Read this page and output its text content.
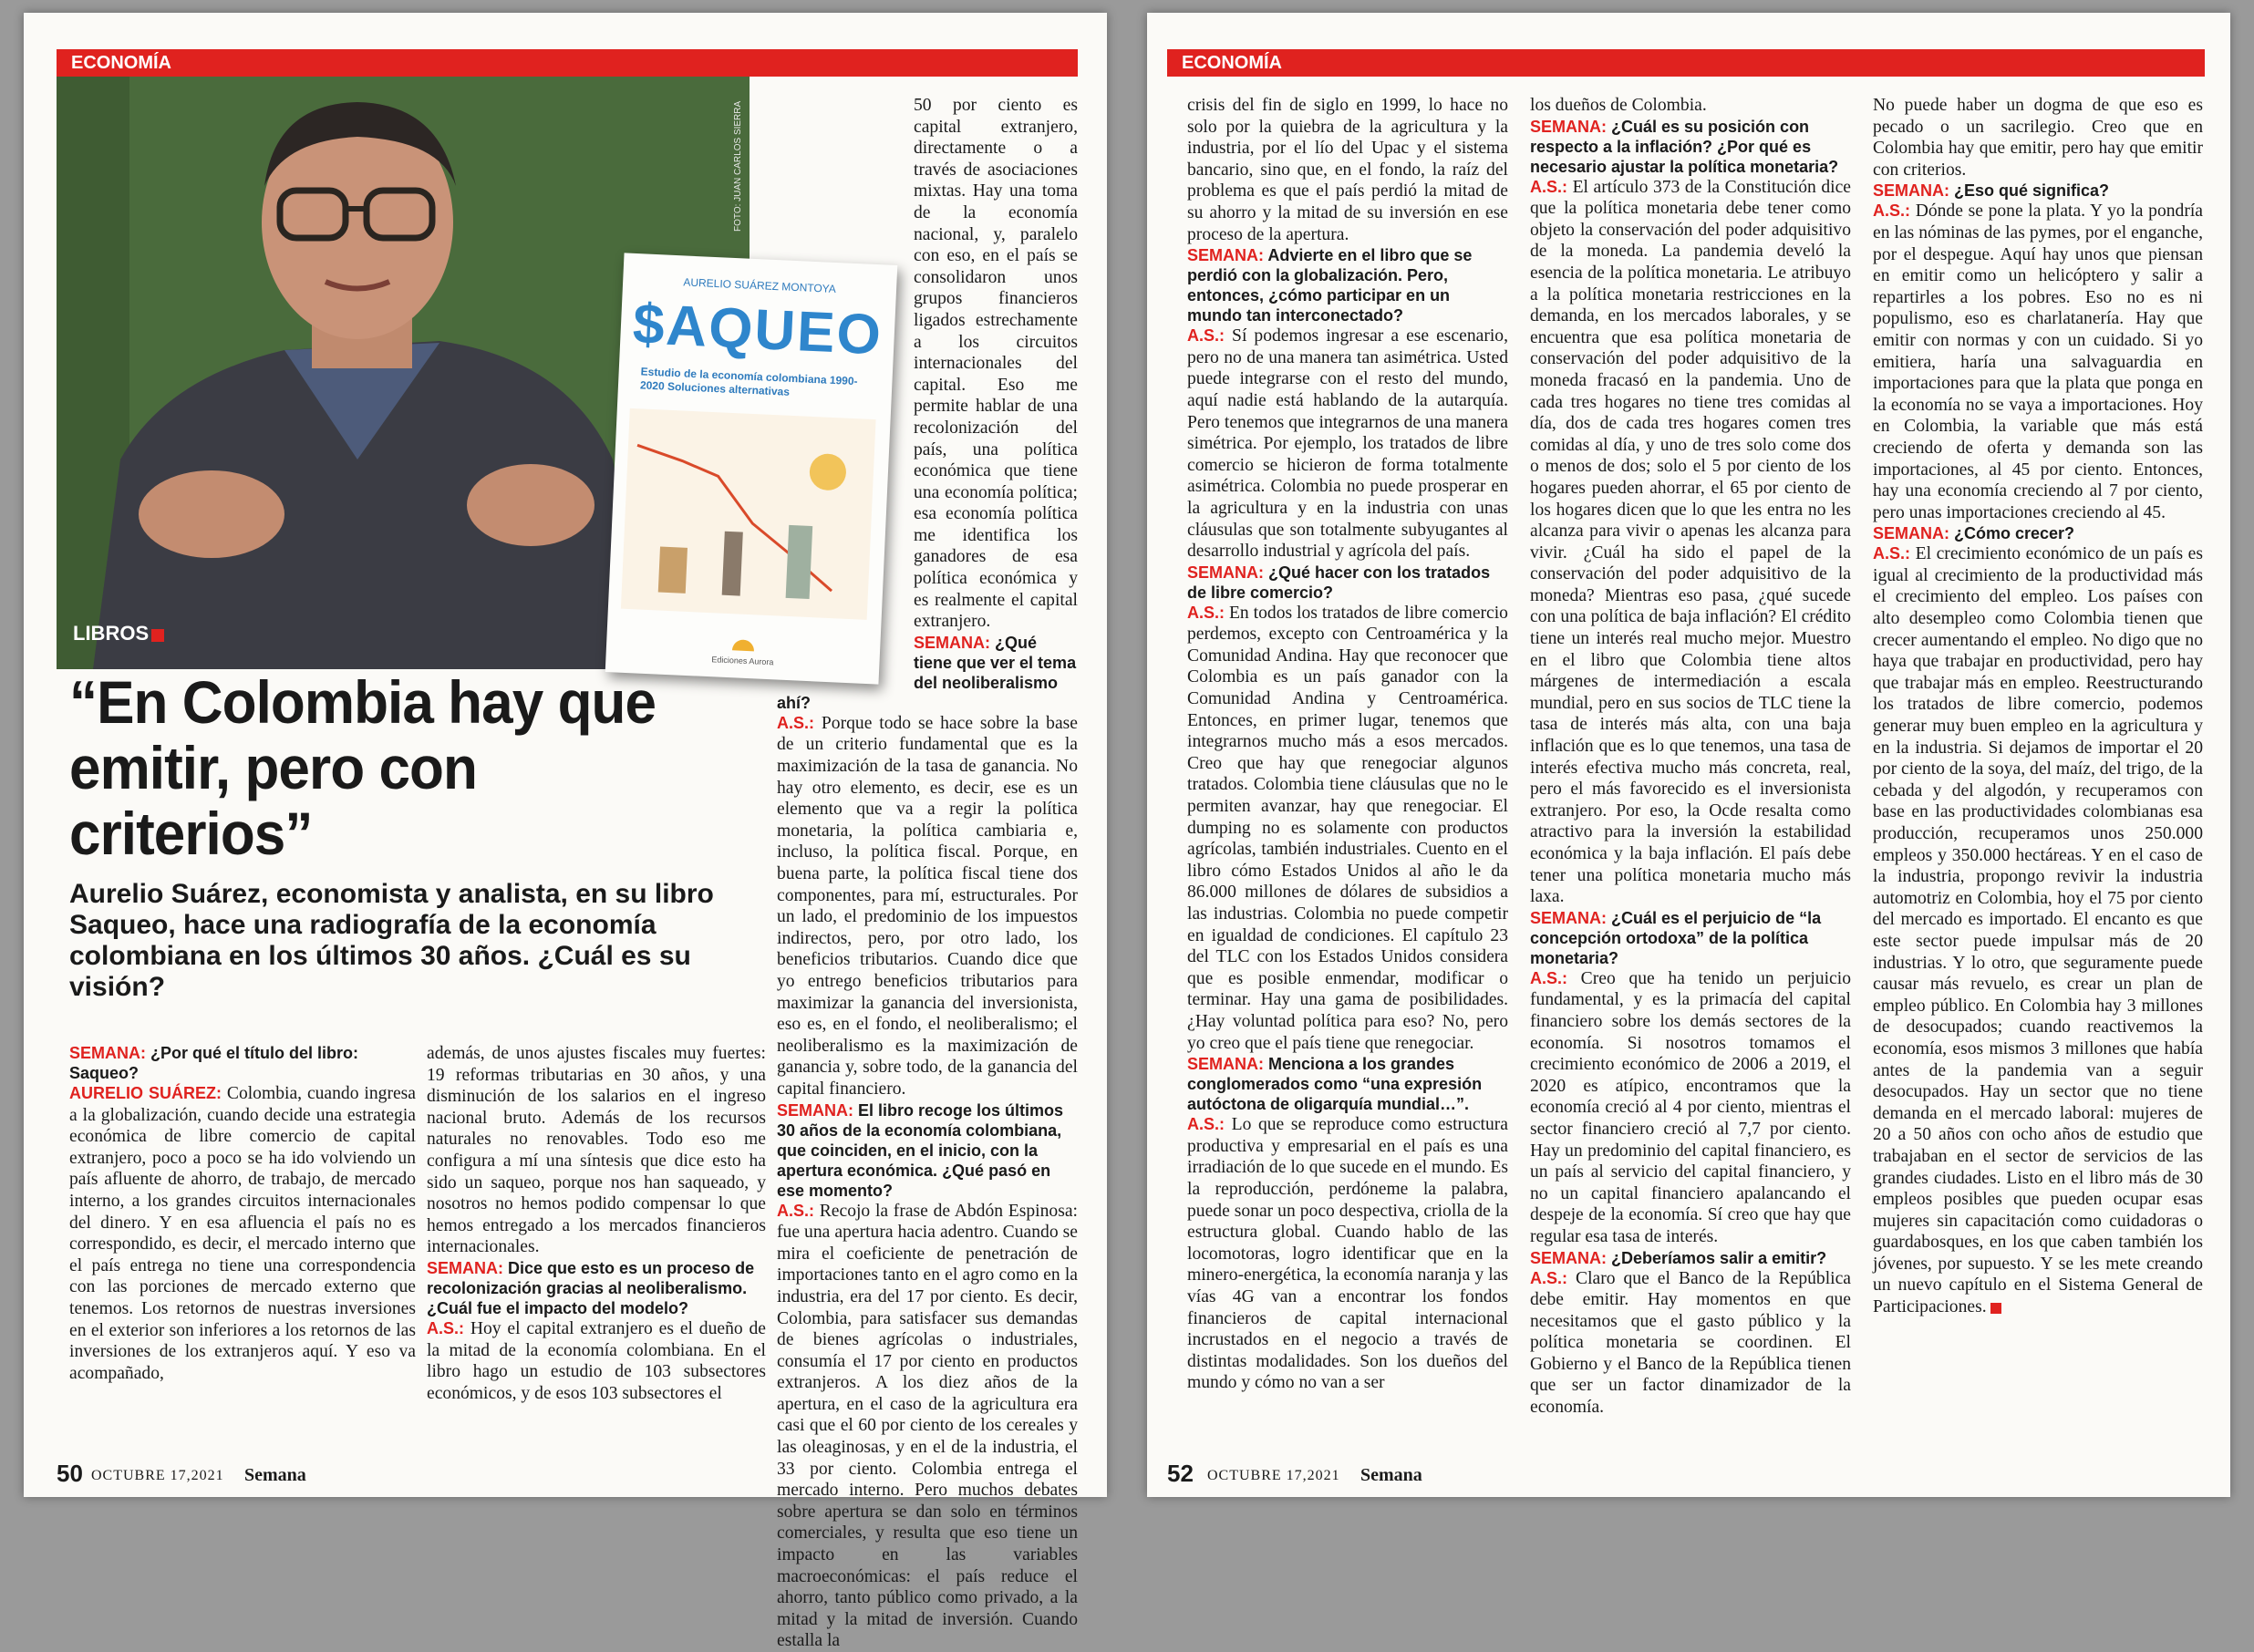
ECONOMÍA
FOTO: JUAN CARLOS SIERRA
LIBROS
AURELIO SUÁREZ MONTOYA
$AQUEO
Estudio de la economía colombiana 1990-2020 Soluciones alternativas
Ediciones Aurora
“En Colombia hay que emitir, pero con criterios”

Aurelio Suárez, economista y analista, en su libro Saqueo, hace una radiografía de la economía colombiana en los últimos 30 años. ¿Cuál es su visión?

SEMANA: ¿Por qué el título del libro: Saqueo?

AURELIO SUÁREZ: Colombia, cuando ingresa a la globalización, cuando decide una estrategia económica de libre comercio de capital extranjero, poco a poco se ha ido volviendo un país afluente de ahorro, de trabajo, de mercado interno, a los grandes circuitos internacionales del dinero. Y en esa afluencia el país no es correspondido, es decir, el mercado interno que el país entrega no tiene una correspondencia con las porciones de mercado externo que tenemos. Los retornos de nuestras inversiones en el exterior son inferiores a los retornos de las inversiones de los extranjeros aquí. Y eso va acompañado,

además, de unos ajustes fiscales muy fuertes: 19 reformas tributarias en 30 años, y una disminución de los salarios en el ingreso nacional bruto. Además de los recursos naturales no renovables. Todo eso me configura a mí una síntesis que dice esto ha sido un saqueo, porque nos han saqueado, y nosotros no hemos podido compensar lo que hemos entregado a los mercados financieros internacionales.

SEMANA: Dice que esto es un proceso de recolonización gracias al neoliberalismo. ¿Cuál fue el impacto del modelo?

A.S.: Hoy el capital extranjero es el dueño de la mitad de la economía colombiana. En el libro hago un estudio de 103 subsectores económicos, y de esos 103 subsectores el

50 por ciento es capital extranjero, directamente o a través de asociaciones mixtas. Hay una toma de la economía nacional, y, paralelo con eso, en el país se consolidaron unos grupos financieros ligados estrechamente a los circuitos internacionales del capital. Eso me permite hablar de una recolonización del país, una política económica que tiene una economía política; esa economía política me identifica los ganadores de esa política económica y es realmente el capital extranjero.

SEMANA: ¿Qué tiene que ver el tema del neoliberalismo ahí?

A.S.: Porque todo se hace sobre la base de un criterio fundamental que es la maximización de la tasa de ganancia. No hay otro elemento, es decir, ese es un elemento que va a regir la política monetaria, la política cambiaria e, incluso, la política fiscal. Porque, en buena parte, la política fiscal tiene dos componentes, para mí, estructurales. Por un lado, el predominio de los impuestos indirectos, pero, por otro lado, los beneficios tributarios. Cuando dice que yo entrego beneficios tributarios para maximizar la ganancia del inversionista, eso es, en el fondo, el neoliberalismo; el neoliberalismo es la maximización de ganancia y, sobre todo, de la ganancia del capital financiero.

SEMANA: El libro recoge los últimos 30 años de la economía colombiana, que coinciden, en el inicio, con la apertura económica. ¿Qué pasó en ese momento?

A.S.: Recojo la frase de Abdón Espinosa: fue una apertura hacia adentro. Cuando se mira el coeficiente de penetración de importaciones tanto en el agro como en la industria, era del 17 por ciento. Es decir, Colombia, para satisfacer sus demandas de bienes agrícolas o industriales, consumía el 17 por ciento en productos extranjeros. A los diez años de la apertura, en el caso de la agricultura era casi que el 60 por ciento de los cereales y las oleaginosas, y en el de la industria, el 33 por ciento. Colombia entrega el mercado interno. Pero muchos debates sobre apertura se dan solo en términos comerciales, y resulta que eso tiene un impacto en las variables macroeconómicas: el país reduce el ahorro, tanto público como privado, a la mitad y la mitad de inversión. Cuando estalla la

50 OCTUBRE 17,2021 Semana
ECONOMÍA

crisis del fin de siglo en 1999, lo hace no solo por la quiebra de la agricultura y la industria, por el lío del Upac y el sistema bancario, sino que, en el fondo, la raíz del problema es que el país perdió la mitad de su ahorro y la mitad de su inversión en ese proceso de la apertura.

SEMANA: Advierte en el libro que se perdió con la globalización. Pero, entonces, ¿cómo participar en un mundo tan interconectado?

A.S.: Sí podemos ingresar a ese escenario, pero no de una manera tan asimétrica. Usted puede integrarse con el resto del mundo, aquí nadie está hablando de la autarquía. Pero tenemos que integrarnos de una manera simétrica. Por ejemplo, los tratados de libre comercio se hicieron de forma totalmente asimétrica. Colombia no puede prosperar en la agricultura y en la industria con unas cláusulas que son totalmente subyugantes al desarrollo industrial y agrícola del país.

SEMANA: ¿Qué hacer con los tratados de libre comercio?

A.S.: En todos los tratados de libre comercio perdemos, excepto con Centroamérica y la Comunidad Andina. Hay que reconocer que Colombia es un país ganador con la Comunidad Andina y Centroamérica. Entonces, en primer lugar, tenemos que integrarnos mucho más a esos mercados. Creo que hay que renegociar algunos tratados. Colombia tiene cláusulas que no le permiten avanzar, hay que renegociar. El dumping no es solamente con productos agrícolas, también industriales. Cuento en el libro cómo Estados Unidos al año le da 86.000 millones de dólares de subsidios a las industrias. Colombia no puede competir en igualdad de condiciones. El capítulo 23 del TLC con los Estados Unidos considera que es posible enmendar, modificar o terminar. Hay una gama de posibilidades. ¿Hay voluntad política para eso? No, pero yo creo que el país tiene que renegociar.

SEMANA: Menciona a los grandes conglomerados como “una expresión autóctona de oligarquía mundial…”.

A.S.: Lo que se reproduce como estructura productiva y empresarial en el país es una irradiación de lo que sucede en el mundo. Es la reproducción, perdóneme la palabra, puede sonar un poco despectiva, criolla de la estructura global. Cuando hablo de las locomotoras, logro identificar que en la minero-energética, la economía naranja y las vías 4G van a encontrar los fondos financieros de capital internacional incrustados en el negocio a través de distintas modalidades. Son los dueños del mundo y cómo no van a ser

los dueños de Colombia.

SEMANA: ¿Cuál es su posición con respecto a la inflación? ¿Por qué es necesario ajustar la política monetaria?

A.S.: El artículo 373 de la Constitución dice que la política monetaria debe tener como objeto la conservación del poder adquisitivo de la moneda. La pandemia develó la esencia de la política monetaria. Le atribuyo a la política monetaria restricciones en la demanda, en los mercados laborales, y se encuentra que esa política monetaria de conservación del poder adquisitivo de la moneda fracasó en la pandemia. Uno de cada tres hogares no tiene tres comidas al día, dos de cada tres hogares comen tres comidas al día, y uno de tres solo come dos o menos de dos; solo el 5 por ciento de los hogares pueden ahorrar, el 65 por ciento de los hogares dicen que lo que les entra no les alcanza para vivir o apenas les alcanza para vivir. ¿Cuál ha sido el papel de la conservación del poder adquisitivo de la moneda? Mientras eso pasa, ¿qué sucede con una política de baja inflación? El crédito tiene un interés real mucho mejor. Muestro en el libro que Colombia tiene altos márgenes de intermediación a escala mundial, pero en sus socios de TLC tiene la tasa de interés más alta, con una baja inflación que es lo que tenemos, una tasa de interés efectiva mucho más concreta, real, pero el más favorecido es el inversionista extranjero. Por eso, la Ocde resalta como atractivo para la inversión la estabilidad económica y la baja inflación. El país debe tener una política monetaria mucho más laxa.

SEMANA: ¿Cuál es el perjuicio de “la concepción ortodoxa” de la política monetaria?

A.S.: Creo que ha tenido un perjuicio fundamental, y es la primacía del capital financiero sobre los demás sectores de la economía. Si nosotros tomamos el crecimiento económico de 2006 a 2019, el 2020 es atípico, encontramos que la economía creció al 4 por ciento, mientras el sector financiero creció al 7,7 por ciento. Hay un predominio del capital financiero, es un país al servicio del capital financiero, y no un capital financiero apalancando el despeje de la economía. Sí creo que hay que regular esa tasa de interés.

SEMANA: ¿Deberíamos salir a emitir?

A.S.: Claro que el Banco de la República debe emitir. Hay momentos en que necesitamos que el gasto público y la política monetaria se coordinen. El Gobierno y el Banco de la República tienen que ser un factor dinamizador de la economía.

No puede haber un dogma de que eso es pecado o un sacrilegio. Creo que en Colombia hay que emitir, pero hay que emitir con criterios.

SEMANA: ¿Eso qué significa?

A.S.: Dónde se pone la plata. Y yo la pondría en las nóminas de las pymes, por el enganche, por el despegue. Aquí hay unos que piensan en emitir como un helicóptero y salir a repartirles a los pobres. Eso no es ni populismo, eso es charlatanería. Hay que emitir con normas y con un cuidado. Si yo emitiera, haría una salvaguardia en importaciones para que la plata que ponga en la economía no se vaya a importaciones. Hoy en Colombia, la variable que más está creciendo de oferta y demanda son las importaciones, al 45 por ciento. Entonces, hay una economía creciendo al 7 por ciento, pero unas importaciones creciendo al 45.

SEMANA: ¿Cómo crecer?

A.S.: El crecimiento económico de un país es igual al crecimiento de la productividad más el crecimiento del empleo. Los países con alto desempleo como Colombia tienen que crecer aumentando el empleo. No digo que no haya que trabajar en productividad, pero hay que trabajar más en empleo. Reestructurando los tratados de libre comercio, podemos generar muy buen empleo en la agricultura y en la industria. Si dejamos de importar el 20 por ciento de la soya, del maíz, del trigo, de la cebada y del algodón, y recuperamos con base en las productividades colombianas esa producción, recuperamos unos 250.000 empleos y 350.000 hectáreas. Y en el caso de la industria, propongo revivir la industria automotriz en Colombia, hoy el 75 por ciento del mercado es importado. El encanto es que este sector puede impulsar más de 20 industrias. Y lo otro, que seguramente puede causar más revuelo, es crear un plan de empleo público. En Colombia hay 3 millones de desocupados; cuando reactivemos la economía, esos mismos 3 millones que había antes de la pandemia van a seguir desocupados. Hay un sector que no tiene demanda en el mercado laboral: mujeres de 20 a 50 años con ocho años de estudio que trabajaban en el sector de servicios de las grandes ciudades. Listo en el libro más de 30 empleos posibles que pueden ocupar esas mujeres sin capacitación como cuidadoras o guardabosques, en los que caben también los jóvenes, por supuesto. Y se les mete creando un nuevo capítulo en el Sistema General de Participaciones.

52 OCTUBRE 17,2021 Semana
